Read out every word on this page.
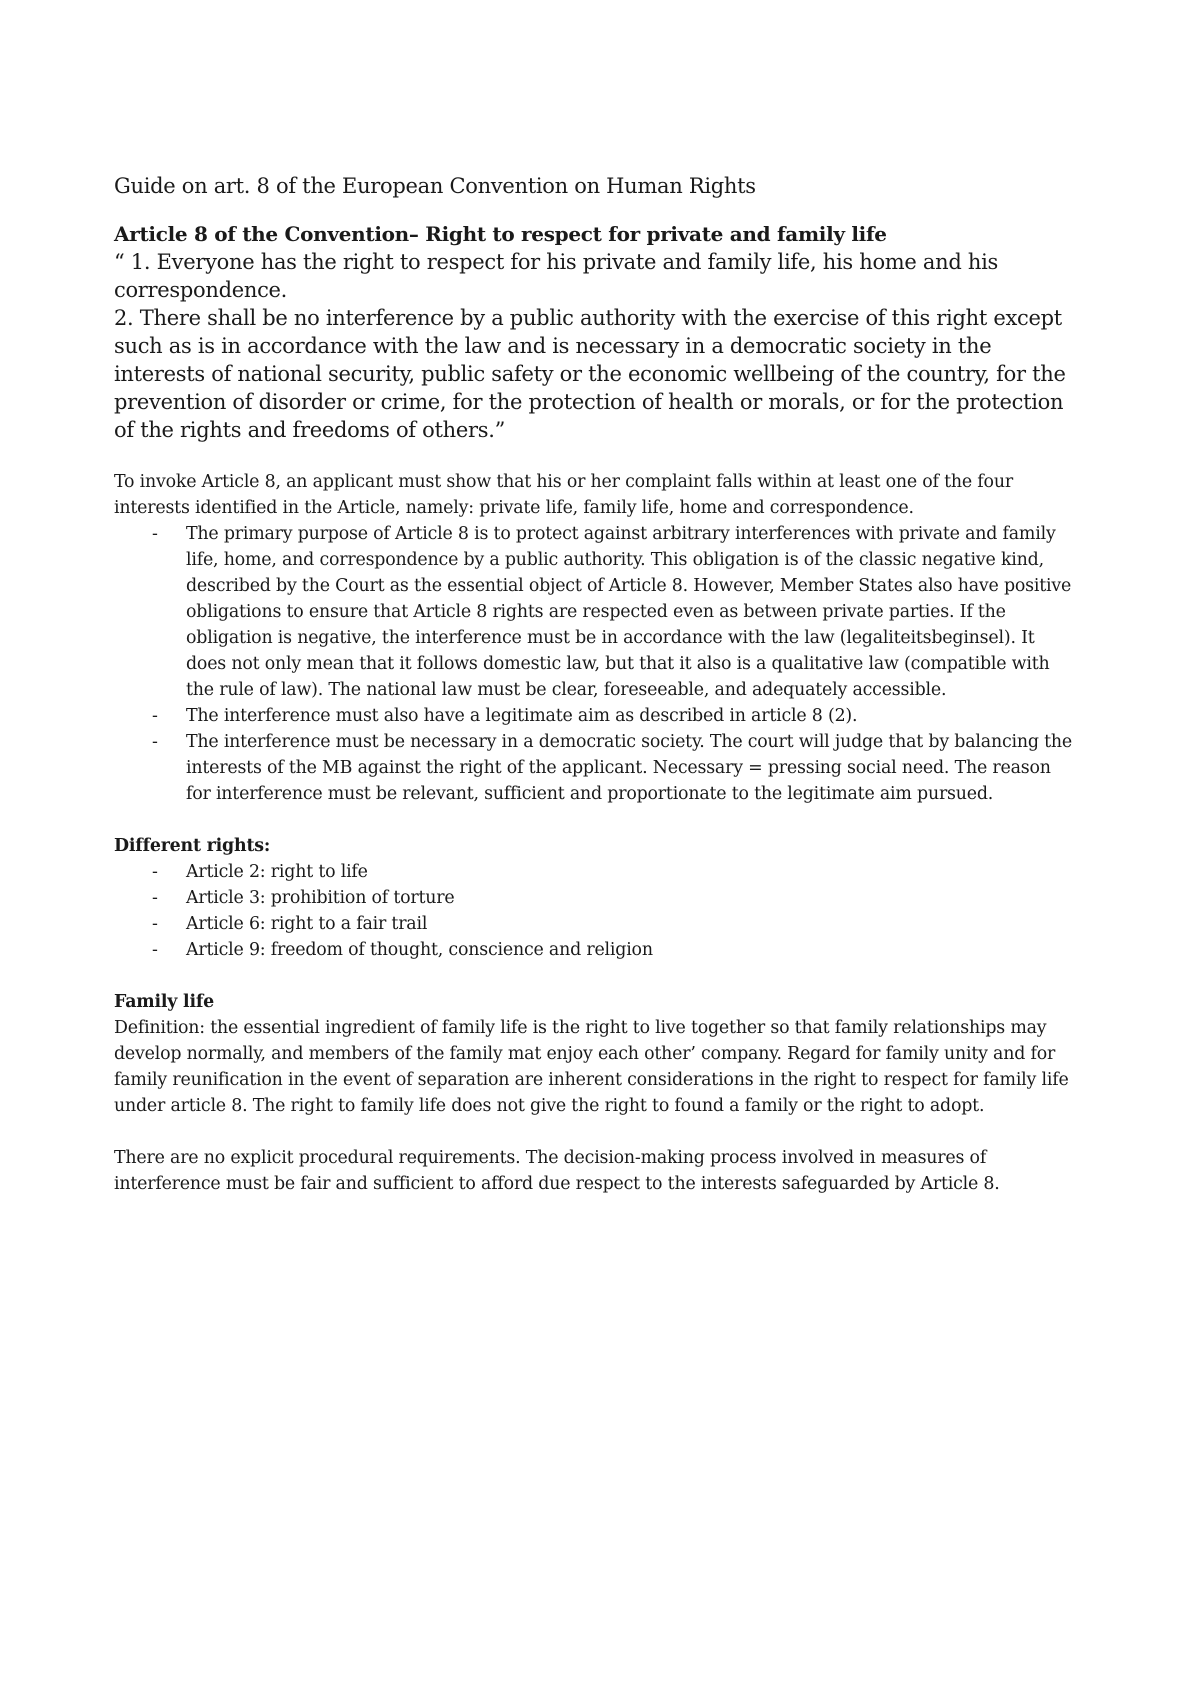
Guide on art. 8 of the European Convention on Human Rights

Article 8 of the Convention– Right to respect for private and family life

“ 1. Everyone has the right to respect for his private and family life, his home and his correspondence.

2. There shall be no interference by a public authority with the exercise of this right except such as is in accordance with the law and is necessary in a democratic society in the interests of national security, public safety or the economic wellbeing of the country, for the prevention of disorder or crime, for the protection of health or morals, or for the protection of the rights and freedoms of others.”

To invoke Article 8, an applicant must show that his or her complaint falls within at least one of the four interests identified in the Article, namely: private life, family life, home and correspondence.

- The primary purpose of Article 8 is to protect against arbitrary interferences with private and family life, home, and correspondence by a public authority. This obligation is of the classic negative kind, described by the Court as the essential object of Article 8. However, Member States also have positive obligations to ensure that Article 8 rights are respected even as between private parties. If the obligation is negative, the interference must be in accordance with the law (legaliteitsbeginsel). It does not only mean that it follows domestic law, but that it also is a qualitative law (compatible with the rule of law). The national law must be clear, foreseeable, and adequately accessible.
- The interference must also have a legitimate aim as described in article 8 (2).
- The interference must be necessary in a democratic society. The court will judge that by balancing the interests of the MB against the right of the applicant. Necessary = pressing social need. The reason for interference must be relevant, sufficient and proportionate to the legitimate aim pursued.

Different rights:

- Article 2: right to life
- Article 3: prohibition of torture
- Article 6: right to a fair trail
- Article 9: freedom of thought, conscience and religion

Family life

Definition: the essential ingredient of family life is the right to live together so that family relationships may develop normally, and members of the family mat enjoy each other’ company. Regard for family unity and for family reunification in the event of separation are inherent considerations in the right to respect for family life under article 8. The right to family life does not give the right to found a family or the right to adopt.

There are no explicit procedural requirements. The decision-making process involved in measures of interference must be fair and sufficient to afford due respect to the interests safeguarded by Article 8.
